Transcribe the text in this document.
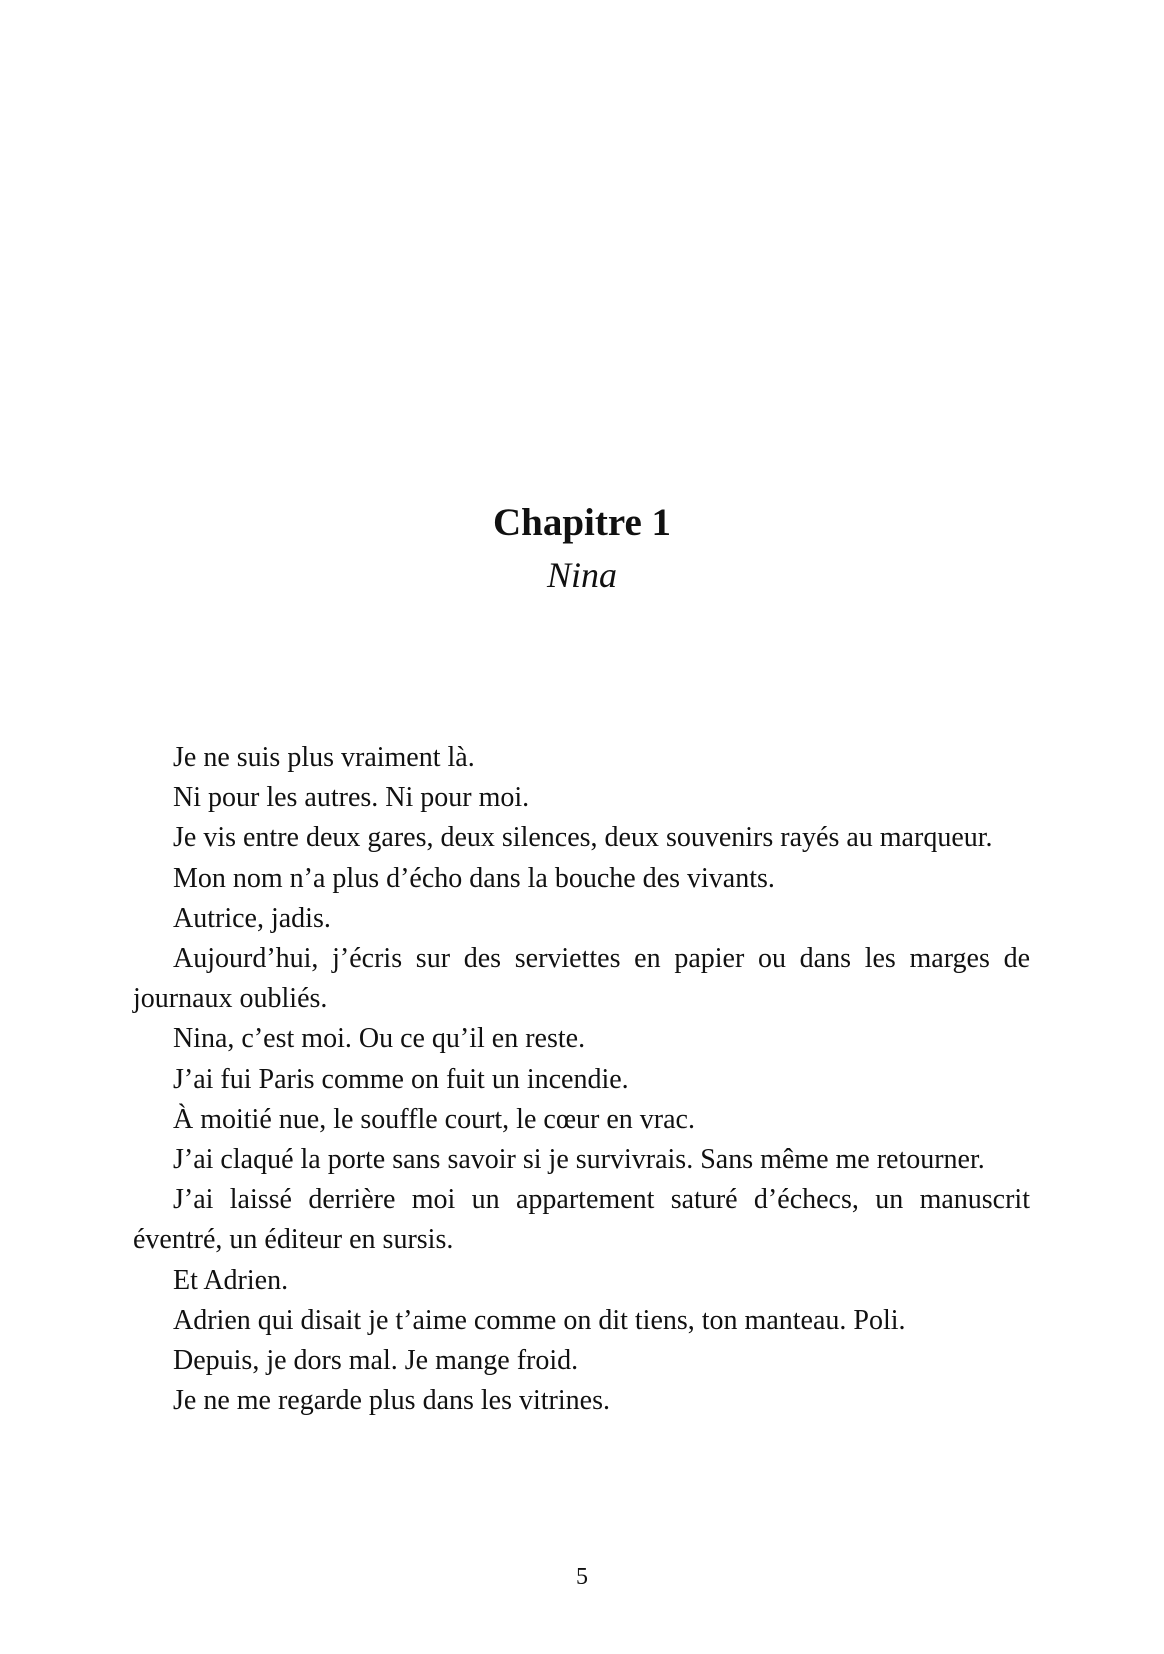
Chapitre 1
Nina

Je ne suis plus vraiment là.

Ni pour les autres. Ni pour moi.

Je vis entre deux gares, deux silences, deux souvenirs rayés au marqueur.

Mon nom n’a plus d’écho dans la bouche des vivants.

Autrice, jadis.

Aujourd’hui, j’écris sur des serviettes en papier ou dans les marges de journaux oubliés.

Nina, c’est moi. Ou ce qu’il en reste.

J’ai fui Paris comme on fuit un incendie.

À moitié nue, le souffle court, le cœur en vrac.

J’ai claqué la porte sans savoir si je survivrais. Sans même me retourner.

J’ai laissé derrière moi un appartement saturé d’échecs, un manuscrit éventré, un éditeur en sursis.

Et Adrien.

Adrien qui disait je t’aime comme on dit tiens, ton manteau. Poli.

Depuis, je dors mal. Je mange froid.

Je ne me regarde plus dans les vitrines.

5
